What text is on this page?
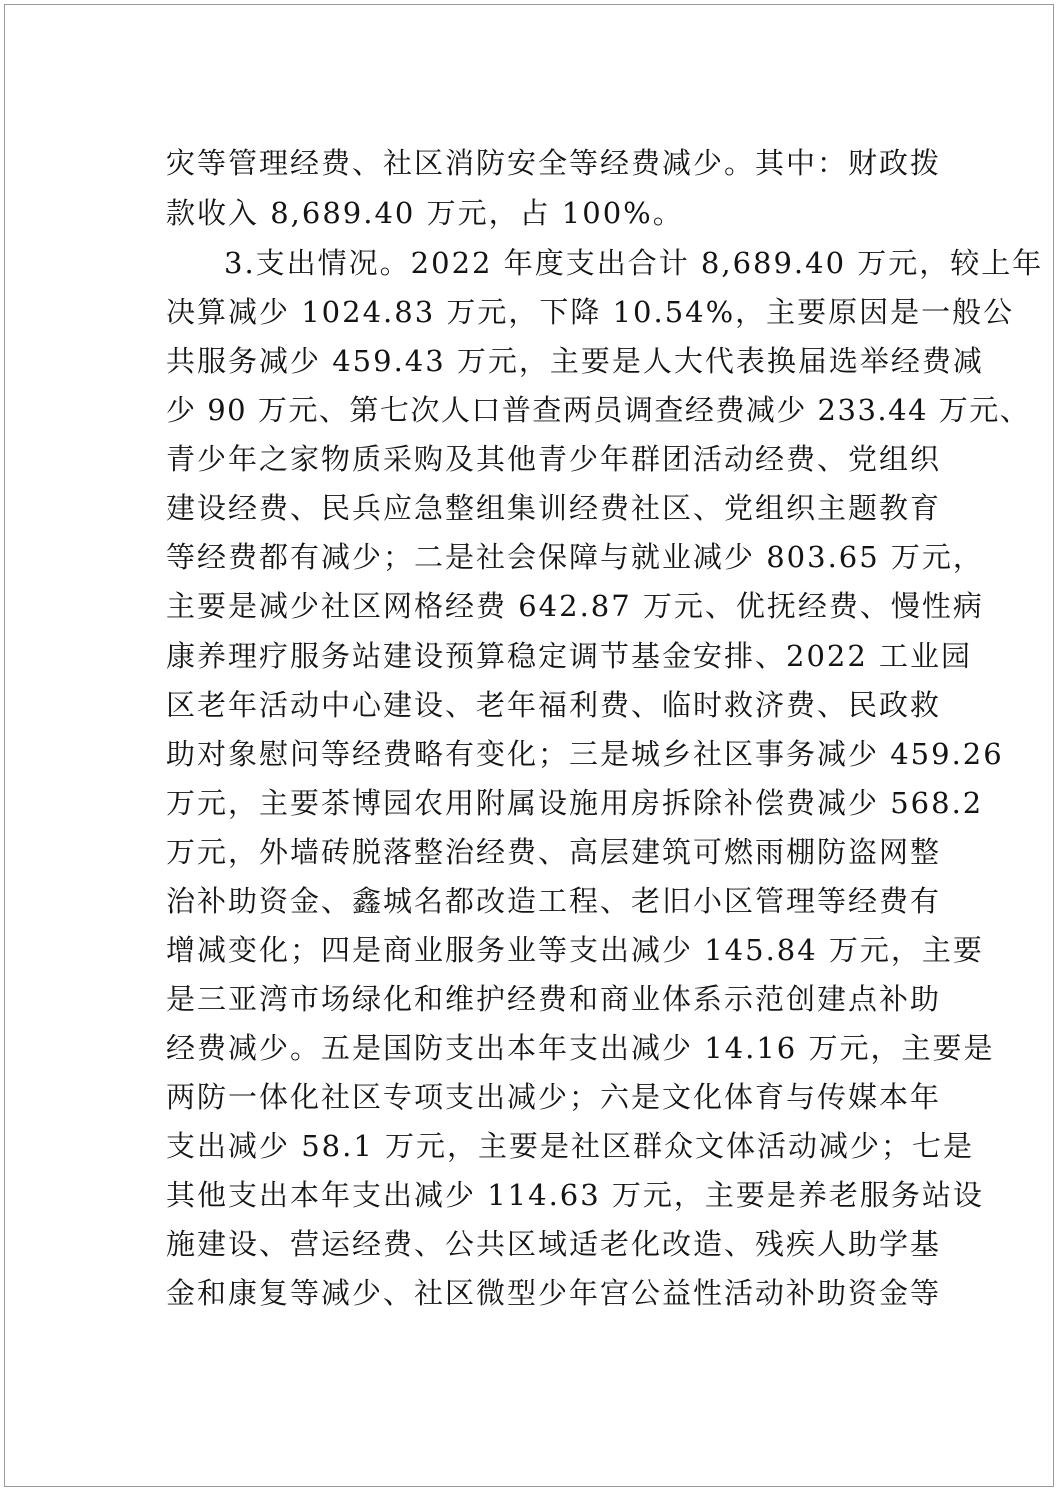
灾等管理经费、社区消防安全等经费减少。其中：财政拨
款收入 8,689.40 万元，占 100%。
3.支出情况。2022 年度支出合计 8,689.40 万元，较上年
决算减少 1024.83 万元，下降 10.54%，主要原因是一般公
共服务减少 459.43 万元，主要是人大代表换届选举经费减
少 90 万元、第七次人口普查两员调查经费减少 233.44 万元、
青少年之家物质采购及其他青少年群团活动经费、党组织
建设经费、民兵应急整组集训经费社区、党组织主题教育
等经费都有减少；二是社会保障与就业减少 803.65 万元，
主要是减少社区网格经费 642.87 万元、优抚经费、慢性病
康养理疗服务站建设预算稳定调节基金安排、2022 工业园
区老年活动中心建设、老年福利费、临时救济费、民政救
助对象慰问等经费略有变化；三是城乡社区事务减少 459.26
万元，主要茶博园农用附属设施用房拆除补偿费减少 568.2
万元，外墙砖脱落整治经费、高层建筑可燃雨棚防盗网整
治补助资金、鑫城名都改造工程、老旧小区管理等经费有
增减变化；四是商业服务业等支出减少 145.84 万元，主要
是三亚湾市场绿化和维护经费和商业体系示范创建点补助
经费减少。五是国防支出本年支出减少 14.16 万元，主要是
两防一体化社区专项支出减少；六是文化体育与传媒本年
支出减少 58.1 万元，主要是社区群众文体活动减少；七是
其他支出本年支出减少 114.63 万元，主要是养老服务站设
施建设、营运经费、公共区域适老化改造、残疾人助学基
金和康复等减少、社区微型少年宫公益性活动补助资金等
